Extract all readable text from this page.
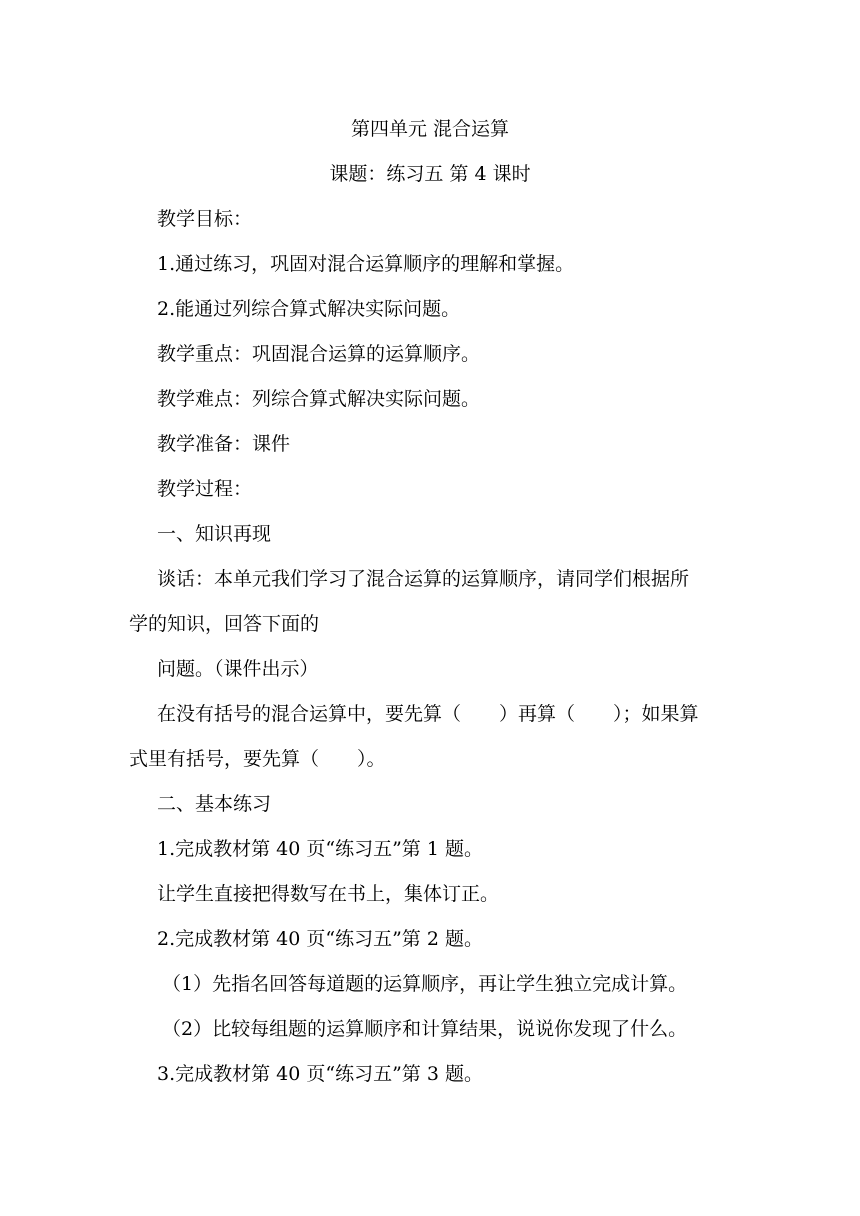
第四单元 混合运算
课题：练习五 第 4 课时
教学目标：
1.通过练习，巩固对混合运算顺序的理解和掌握。
2.能通过列综合算式解决实际问题。
教学重点：巩固混合运算的运算顺序。
教学难点：列综合算式解决实际问题。
教学准备：课件
教学过程：
一、知识再现
谈话：本单元我们学习了混合运算的运算顺序，请同学们根据所
学的知识，回答下面的
问题。（课件出示）
在没有括号的混合运算中，要先算（　　）再算（　　）；如果算
式里有括号，要先算（　　）。
二、基本练习
1.完成教材第 40 页“练习五”第 1 题。
让学生直接把得数写在书上，集体订正。
2.完成教材第 40 页“练习五”第 2 题。
（1）先指名回答每道题的运算顺序，再让学生独立完成计算。
（2）比较每组题的运算顺序和计算结果，说说你发现了什么。
3.完成教材第 40 页“练习五”第 3 题。
